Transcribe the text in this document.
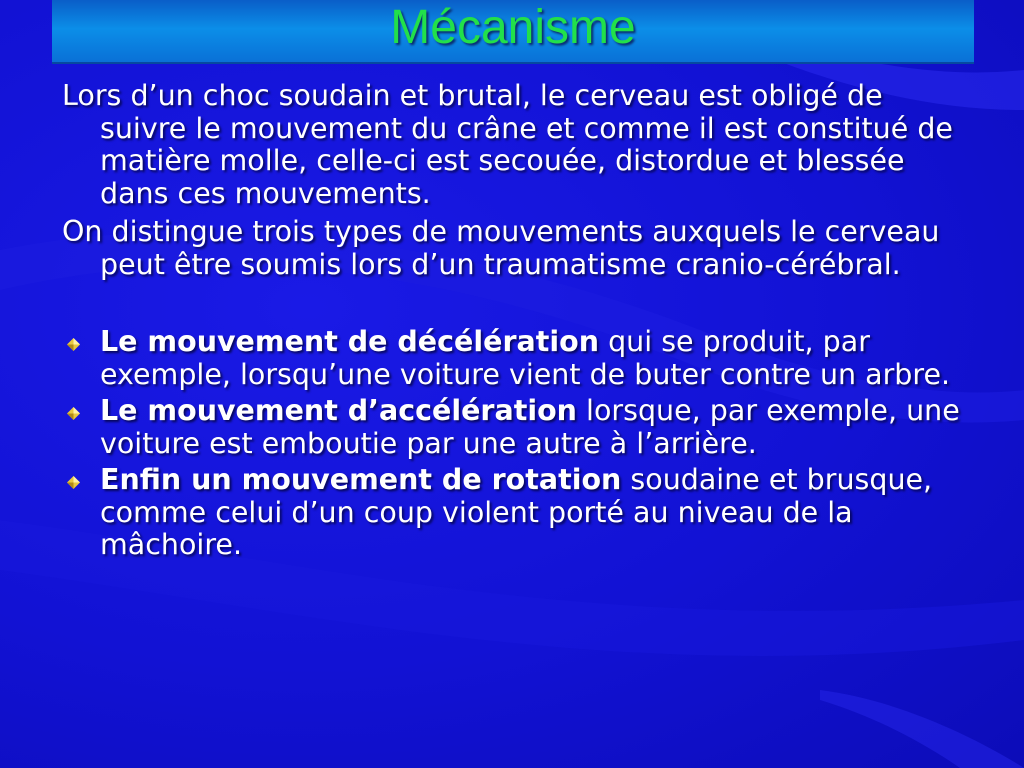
Mécanisme

Lors d’un choc soudain et brutal, le cerveau est obligé de suivre le mouvement du crâne et comme il est constitué de matière molle, celle-ci est secouée, distordue et blessée dans ces mouvements.

On distingue trois types de mouvements auxquels le cerveau peut être soumis lors d’un traumatisme cranio-cérébral.

Le mouvement de décélération qui se produit, par exemple, lorsqu’une voiture vient de buter contre un arbre.
Le mouvement d’accélération lorsque, par exemple, une voiture est emboutie par une autre à l’arrière.
Enfin un mouvement de rotation soudaine et brusque, comme celui d’un coup violent porté au niveau de la mâchoire.
